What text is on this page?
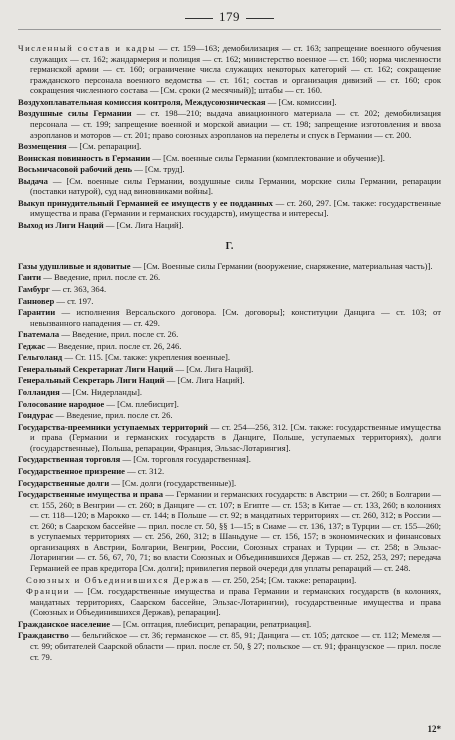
179

Численный состав и кадры — ст. 159—163; демобилизация — ст. 163; запрещение военного обучения служащих — ст. 162; жандармерия и полиция — ст. 162; министерство военное — ст. 160; норма численности германской армии — ст. 160; ограничение числа служащих некоторых категорий — ст. 162; сокращение гражданского персонала военного ведомства — ст. 161; состав и организация дивизий — ст. 160; срок сокращения численного состава — [См. сроки (2 месячный)]; штабы — ст. 160.

Воздухоплавательная комиссия контроля, Междусоюзническая — [См. комиссии].

Воздушные силы Германии — ст. 198—210; выдача авиационного материала — ст. 202; демобилизация персонала — ст. 199; запрещение военной и морской авиации — ст. 198; запрещение изготовления и ввоза аэропланов и моторов — ст. 201; право союзных аэропланов на перелеты и спуск в Германии — ст. 200.

Возмещения — [См. репарации].

Воинская повинность в Германии — [См. военные силы Германии (комплектование и обучение)].

Восьмичасовой рабочий день — [См. труд].

Выдача — [См. военные силы Германии, воздушные силы Германии, морские силы Германии, репарации (поставки натурой), суд над виновниками войны].

Выкуп принудительный Германией ее имуществ у ее подданных — ст. 260, 297. [См. также: государственные имущества и права (Германии и германских государств), имущества и интересы].

Выход из Лиги Наций — [См. Лига Наций].

Г.

Газы удушливые и ядовитые — [См. Военные силы Германии (вооружение, снаряжение, материальная часть)].

Гаити — Введение, прил. после ст. 26.

Гамбург — ст. 363, 364.

Ганновер — ст. 197.

Гарантии — исполнения Версальского договора. [См. договоры]; конституции Данцига — ст. 103; от невызванного нападения — ст. 429.

Гватемала — Введение, прил. после ст. 26.

Геджас — Введение, прил. после ст. 26, 246.

Гельголанд — Ст. 115. [См. также: укрепления военные].

Генеральный Секретариат Лиги Наций — [См. Лига Наций].

Генеральный Секретарь Лиги Наций — [См. Лига Наций].

Голландия — [См. Нидерланды].

Голосование народное — [См. плебисцит].

Гондурас — Введение, прил. после ст. 26.

Государства-преемники уступаемых территорий — ст. 254—256, 312. [См. также: государственные имущества и права (Германии и германских государств в Данциге, Польше, уступаемых территориях), долги (государственные), Польша, репарации, Франция, Эльзас-Лотарингия].

Государственная торговля — [См. торговля государственная].

Государственное призрение — ст. 312.

Государственные долги — [См. долги (государственные)].

Государственные имущества и права — Германии и германских государств: в Австрии — ст. 260; в Болгарии — ст. 155, 260; в Венгрии — ст. 260; в Данциге — ст. 107; в Египте — ст. 153; в Китае — ст. 133, 260; в колониях — ст. 118—120; в Марокко — ст. 144; в Польше — ст. 92; в мандатных территориях — ст. 260, 312; в России — ст. 260; в Саарском бассейне — прил. после ст. 50, §§ 1—15; в Сиаме — ст. 136, 137; в Турции — ст. 155—260; в уступаемых территориях — ст. 256, 260, 312; в Шаньдуне — ст. 156, 157; в экономических и финансовых организациях в Австрии, Болгарии, Венгрии, России, Союзных странах и Турции — ст. 258; в Эльзас-Лотарингии — ст. 56, 67, 70, 71; во власти Союзных и Объединившихся Держав — ст. 252, 253, 297; передача Германией ее прав кредитора [См. долги]; привилегия первой очереди для уплаты репараций — ст. 248.

Союзных и Объединившихся Держав — ст. 250, 254; [См. также: репарации].

Франции — [См. государственные имущества и права Германии и германских государств (в колониях, мандатных территориях, Саарском бассейне, Эльзас-Лотарингии), государственные имущества и права (Союзных и Объединившихся Держав), репарации].

Гражданское население — [См. оптация, плебисцит, репарации, репатриация].

Гражданство — бельгийское — ст. 36; германское — ст. 85, 91; Данцига — ст. 105; датское — ст. 112; Мемеля — ст. 99; обитателей Саарской области — прил. после ст. 50, § 27; польское — ст. 91; французское — прил. после ст. 79.

12*
